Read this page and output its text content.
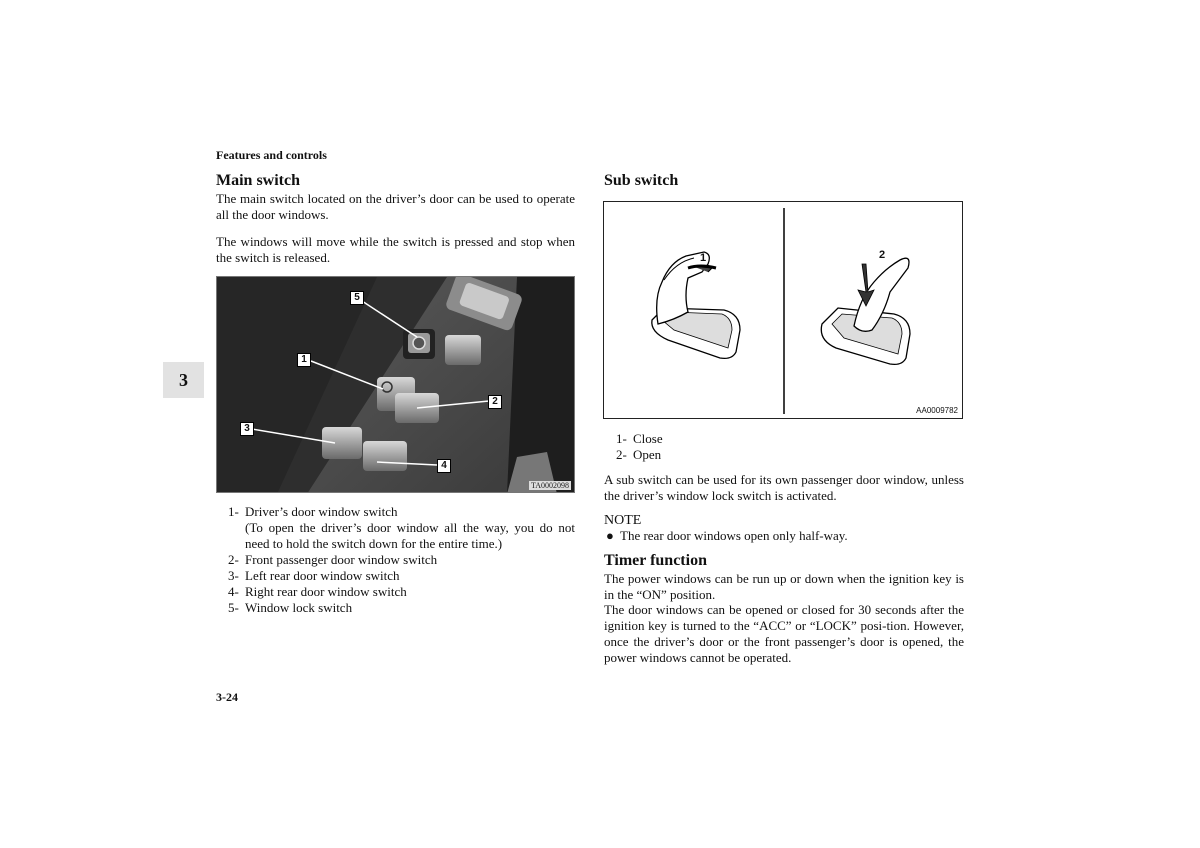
Features and controls
3
Main switch
The main switch located on the driver’s door can be used to operate all the door windows.
The windows will move while the switch is pressed and stop when the switch is released.
5
1
2
3
4
TA0002098
1- Driver’s door window switch

(To open the driver’s door window all the way, you do not need to hold the switch down for the entire time.)
2- Front passenger door window switch
3- Left rear door window switch
4- Right rear door window switch
5- Window lock switch
3-24
Sub switch
1	2
AA0009782
1- Close
2- Open
A sub switch can be used for its own passenger door window, unless the driver’s window lock switch is activated.
NOTE
● The rear door windows open only half-way.
Timer function
The power windows can be run up or down when the ignition key is in the “ON” position.
The door windows can be opened or closed for 30 seconds after the ignition key is turned to the “ACC” or “LOCK” posi-tion. However, once the driver’s door or the front passenger’s door is opened, the power windows cannot be operated.
